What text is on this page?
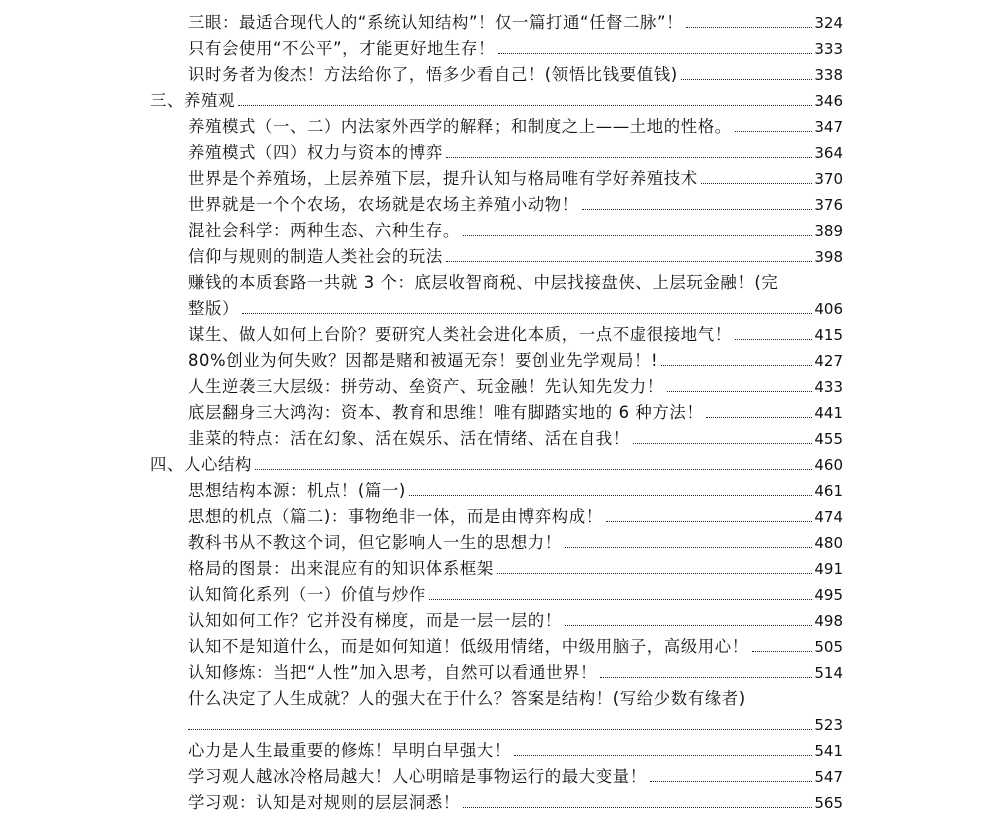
三眼：最适合现代人的“系统认知结构”！仅一篇打通“任督二脉”！	324
只有会使用“不公平”，才能更好地生存！	333
识时务者为俊杰！方法给你了，悟多少看自己！(领悟比钱要值钱)	338
三、养殖观	346
养殖模式（一、二）内法家外西学的解释；和制度之上——土地的性格。	347
养殖模式（四）权力与资本的博弈	364
世界是个养殖场，上层养殖下层，提升认知与格局唯有学好养殖技术	370
世界就是一个个农场，农场就是农场主养殖小动物！	376
混社会科学：两种生态、六种生存。	389
信仰与规则的制造人类社会的玩法	398
赚钱的本质套路一共就 3 个：底层收智商税、中层找接盘侠、上层玩金融！(完
整版）	406
谋生、做人如何上台阶？要研究人类社会进化本质，一点不虚很接地气！	415
80%创业为何失败？因都是赌和被逼无奈！要创业先学观局！!	427
人生逆袭三大层级：拼劳动、垒资产、玩金融！先认知先发力！	433
底层翻身三大鸿沟：资本、教育和思维！唯有脚踏实地的 6 种方法！	441
韭菜的特点：活在幻象、活在娱乐、活在情绪、活在自我！	455
四、人心结构	460
思想结构本源：机点！(篇一)	461
思想的机点（篇二)：事物绝非一体，而是由博弈构成！	474
教科书从不教这个词，但它影响人一生的思想力！	480
格局的图景：出来混应有的知识体系框架	491
认知简化系列（一）价值与炒作	495
认知如何工作？它并没有梯度，而是一层一层的！	498
认知不是知道什么，而是如何知道！低级用情绪，中级用脑子，高级用心！	505
认知修炼：当把“人性”加入思考，自然可以看通世界！	514
什么决定了人生成就？人的强大在于什么？答案是结构！(写给少数有缘者)
523
心力是人生最重要的修炼！早明白早强大！	541
学习观人越冰冷格局越大！人心明暗是事物运行的最大变量！	547
学习观：认知是对规则的层层洞悉！	565
